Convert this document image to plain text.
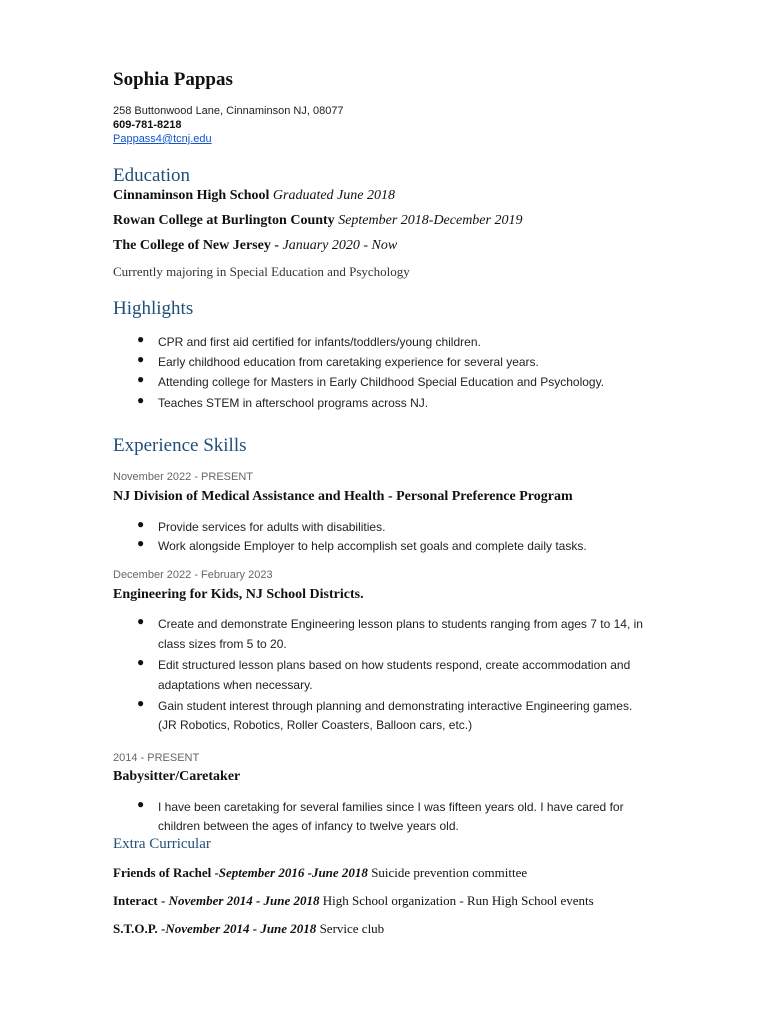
Sophia Pappas

258 Buttonwood Lane, Cinnaminson NJ, 08077

609-781-8218

Pappass4@tcnj.edu

Education

Cinnaminson High School Graduated June 2018

Rowan College at Burlington County September 2018-December 2019

The College of New Jersey - January 2020 - Now

Currently majoring in Special Education and Psychology

Highlights

● CPR and first aid certified for infants/toddlers/young children.

● Early childhood education from caretaking experience for several years.

● Attending college for Masters in Early Childhood Special Education and Psychology.

● Teaches STEM in afterschool programs across NJ.

Experience Skills

November 2022 - PRESENT

NJ Division of Medical Assistance and Health - Personal Preference Program

● Provide services for adults with disabilities.

● Work alongside Employer to help accomplish set goals and complete daily tasks.

December 2022 - February 2023

Engineering for Kids, NJ School Districts.

● Create and demonstrate Engineering lesson plans to students ranging from ages 7 to 14, in

class sizes from 5 to 20.

● Edit structured lesson plans based on how students respond, create accommodation and

adaptations when necessary.

● Gain student interest through planning and demonstrating interactive Engineering games.

(JR Robotics, Robotics, Roller Coasters, Balloon cars, etc.)

2014 - PRESENT

Babysitter/Caretaker

● I have been caretaking for several families since I was fifteen years old. I have cared for

children between the ages of infancy to twelve years old.

Extra Curricular

Friends of Rachel -September 2016 -June 2018 Suicide prevention committee

Interact - November 2014 - June 2018 High School organization - Run High School events

S.T.O.P. -November 2014 - June 2018 Service club
